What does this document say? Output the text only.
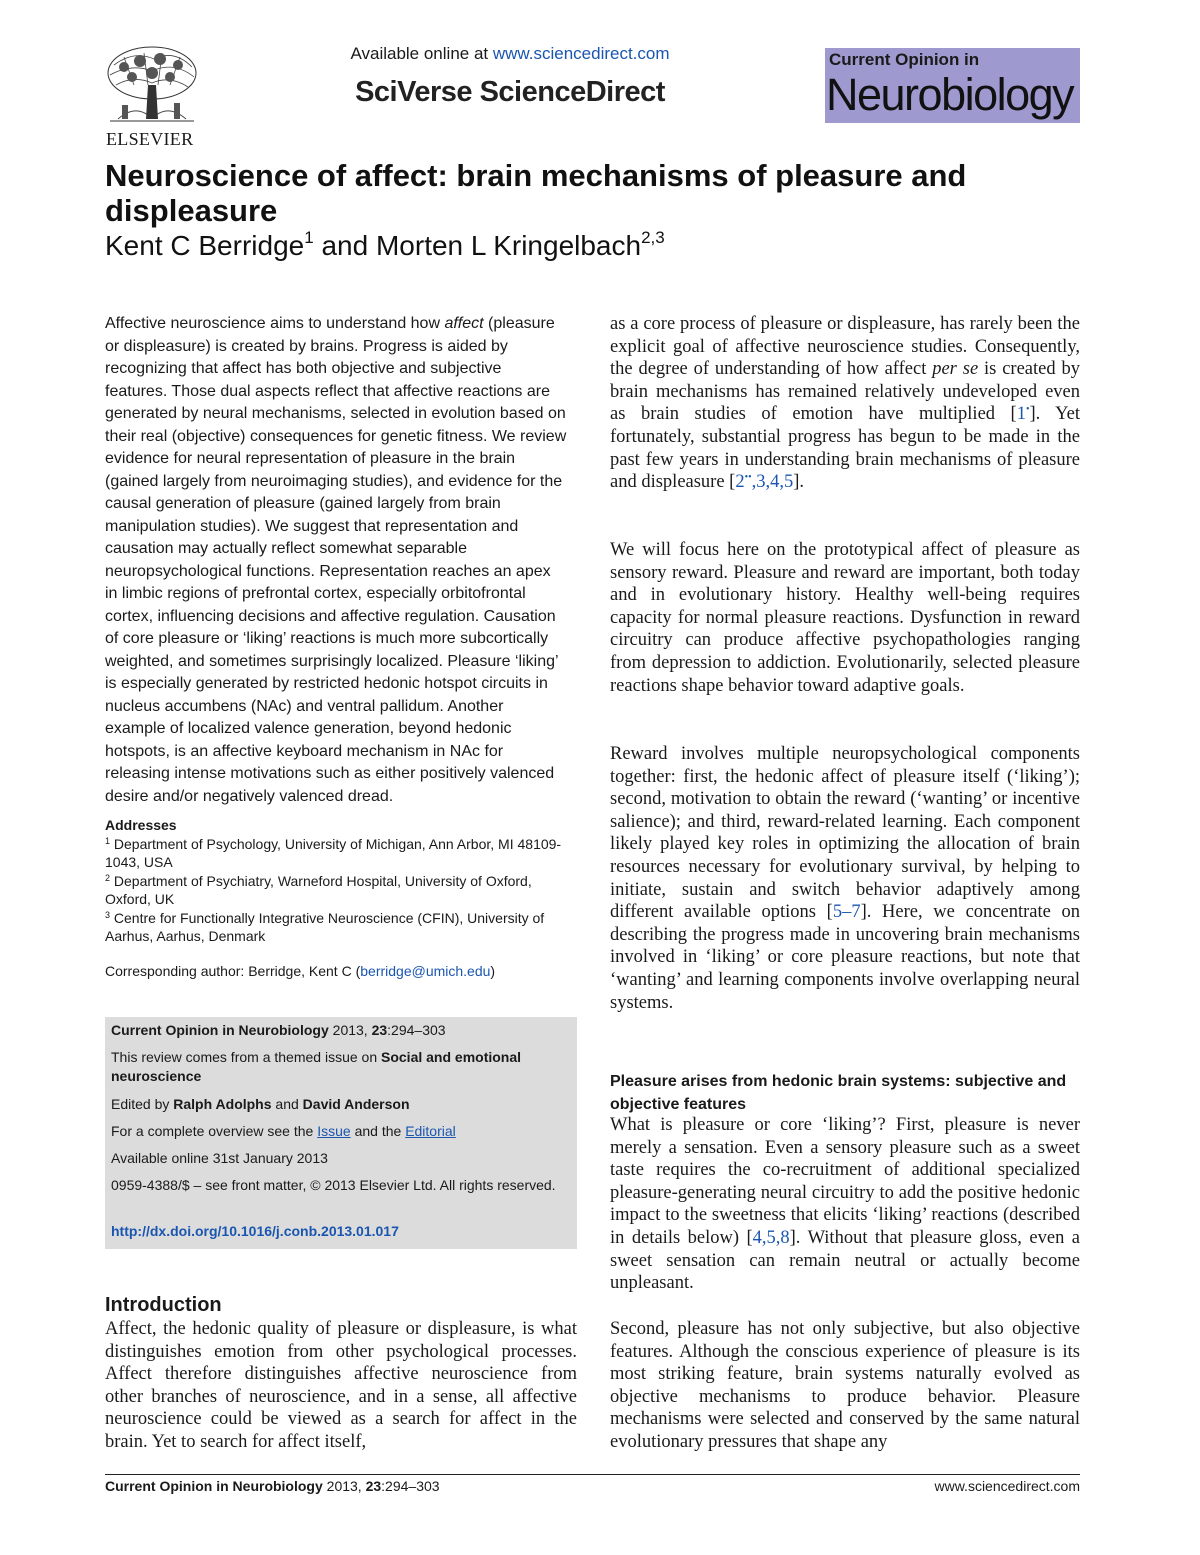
ELSEVIER
Available online at www.sciencedirect.com
SciVerse ScienceDirect
Current Opinion in
Neurobiology
Neuroscience of affect: brain mechanisms of pleasure and displeasure
Kent C Berridge$^1$ and Morten L Kringelbach$^{2,3}$
Affective neuroscience aims to understand how affect (pleasure or displeasure) is created by brains. Progress is aided by recognizing that affect has both objective and subjective features. Those dual aspects reflect that affective reactions are generated by neural mechanisms, selected in evolution based on their real (objective) consequences for genetic fitness. We review evidence for neural representation of pleasure in the brain (gained largely from neuroimaging studies), and evidence for the causal generation of pleasure (gained largely from brain manipulation studies). We suggest that representation and causation may actually reflect somewhat separable neuropsychological functions. Representation reaches an apex in limbic regions of prefrontal cortex, especially orbitofrontal cortex, influencing decisions and affective regulation. Causation of core pleasure or ‘liking’ reactions is much more subcortically weighted, and sometimes surprisingly localized. Pleasure ‘liking’ is especially generated by restricted hedonic hotspot circuits in nucleus accumbens (NAc) and ventral pallidum. Another example of localized valence generation, beyond hedonic hotspots, is an affective keyboard mechanism in NAc for releasing intense motivations such as either positively valenced desire and/or negatively valenced dread.
Addresses
$^1$ Department of Psychology, University of Michigan, Ann Arbor, MI 48109-1043, USA
$^2$ Department of Psychiatry, Warneford Hospital, University of Oxford, Oxford, UK
$^3$ Centre for Functionally Integrative Neuroscience (CFIN), University of Aarhus, Aarhus, Denmark
Corresponding author: Berridge, Kent C (berridge@umich.edu)
Current Opinion in Neurobiology 2013, 23:294–303
This review comes from a themed issue on Social and emotional neuroscience
Edited by Ralph Adolphs and David Anderson
For a complete overview see the Issue and the Editorial
Available online 31st January 2013
0959-4388/$ – see front matter, © 2013 Elsevier Ltd. All rights reserved.
http://dx.doi.org/10.1016/j.conb.2013.01.017
Introduction
Affect, the hedonic quality of pleasure or displeasure, is what distinguishes emotion from other psychological processes. Affect therefore distinguishes affective neuroscience from other branches of neuroscience, and in a sense, all affective neuroscience could be viewed as a search for affect in the brain. Yet to search for affect itself,
as a core process of pleasure or displeasure, has rarely been the explicit goal of affective neuroscience studies. Consequently, the degree of understanding of how affect per se is created by brain mechanisms has remained relatively undeveloped even as brain studies of emotion have multiplied [1•]. Yet fortunately, substantial progress has begun to be made in the past few years in understanding brain mechanisms of pleasure and displeasure [2••,3,4,5].
We will focus here on the prototypical affect of pleasure as sensory reward. Pleasure and reward are important, both today and in evolutionary history. Healthy well-being requires capacity for normal pleasure reactions. Dysfunction in reward circuitry can produce affective psychopathologies ranging from depression to addiction. Evolutionarily, selected pleasure reactions shape behavior toward adaptive goals.
Reward involves multiple neuropsychological components together: first, the hedonic affect of pleasure itself (‘liking’); second, motivation to obtain the reward (‘wanting’ or incentive salience); and third, reward-related learning. Each component likely played key roles in optimizing the allocation of brain resources necessary for evolutionary survival, by helping to initiate, sustain and switch behavior adaptively among different available options [5–7]. Here, we concentrate on describing the progress made in uncovering brain mechanisms involved in ‘liking’ or core pleasure reactions, but note that ‘wanting’ and learning components involve overlapping neural systems.
Pleasure arises from hedonic brain systems: subjective and objective features
What is pleasure or core ‘liking’? First, pleasure is never merely a sensation. Even a sensory pleasure such as a sweet taste requires the co-recruitment of additional specialized pleasure-generating neural circuitry to add the positive hedonic impact to the sweetness that elicits ‘liking’ reactions (described in details below) [4,5,8]. Without that pleasure gloss, even a sweet sensation can remain neutral or actually become unpleasant.
Second, pleasure has not only subjective, but also objective features. Although the conscious experience of pleasure is its most striking feature, brain systems naturally evolved as objective mechanisms to produce behavior. Pleasure mechanisms were selected and conserved by the same natural evolutionary pressures that shape any
Current Opinion in Neurobiology 2013, 23:294–303	www.sciencedirect.com
